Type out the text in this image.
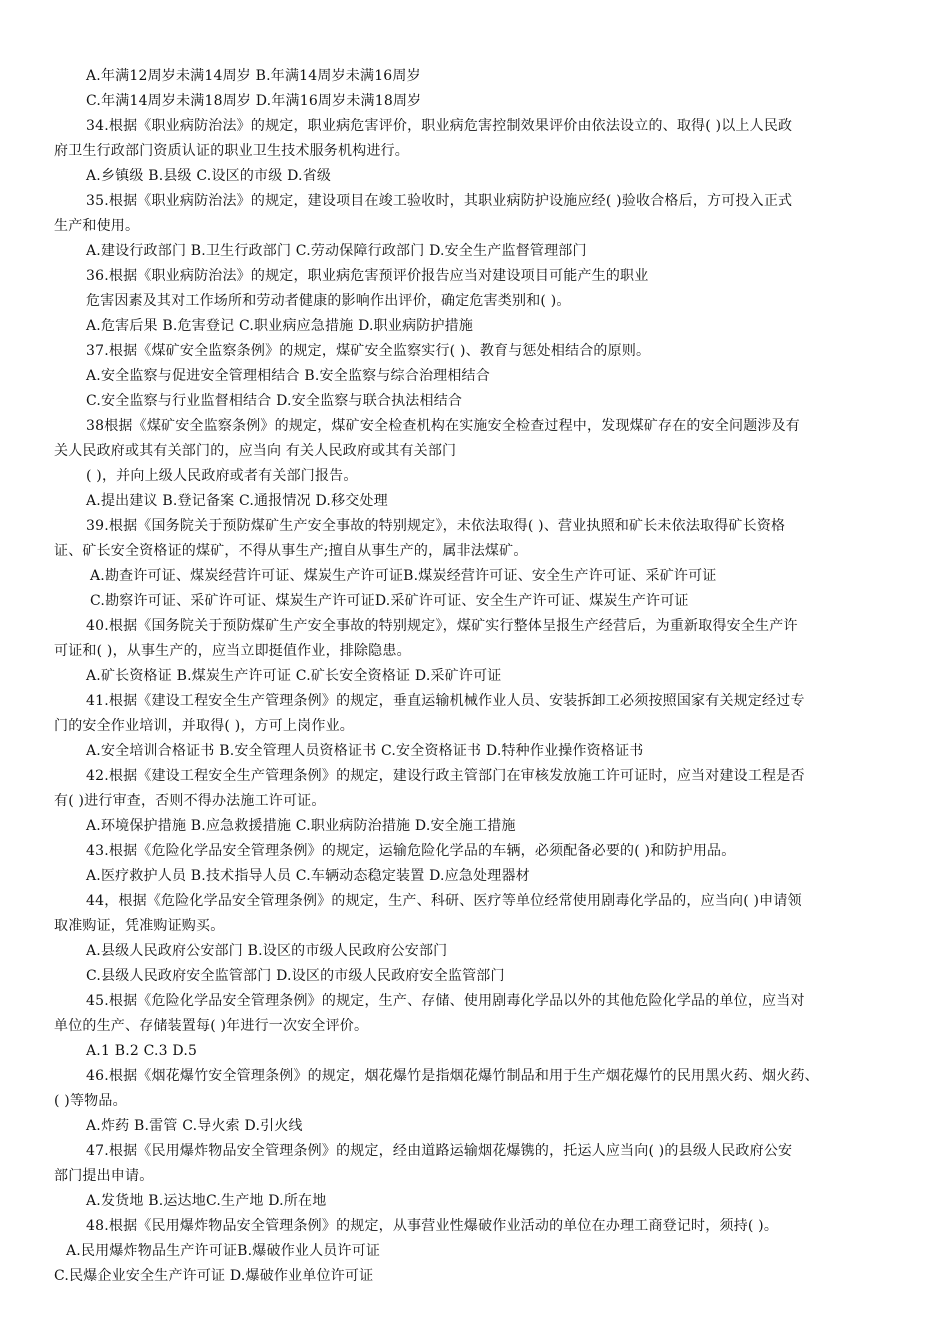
A.年满12周岁未满14周岁 B.年满14周岁未满16周岁
C.年满14周岁未满18周岁 D.年满16周岁未满18周岁
34.根据《职业病防治法》的规定，职业病危害评价，职业病危害控制效果评价由依法设立的、取得( )以上人民政
府卫生行政部门资质认证的职业卫生技术服务机构进行。
A.乡镇级 B.县级 C.设区的市级 D.省级
35.根据《职业病防治法》的规定，建设项目在竣工验收时，其职业病防护设施应经( )验收合格后，方可投入正式
生产和使用。
A.建设行政部门 B.卫生行政部门 C.劳动保障行政部门 D.安全生产监督管理部门
36.根据《职业病防治法》的规定，职业病危害预评价报告应当对建设项目可能产生的职业
危害因素及其对工作场所和劳动者健康的影响作出评价，确定危害类别和( )。
A.危害后果 B.危害登记 C.职业病应急措施 D.职业病防护措施
37.根据《煤矿安全监察条例》的规定，煤矿安全监察实行( )、教育与惩处相结合的原则。
A.安全监察与促进安全管理相结合 B.安全监察与综合治理相结合
C.安全监察与行业监督相结合 D.安全监察与联合执法相结合
38根据《煤矿安全监察条例》的规定，煤矿安全检查机构在实施安全检查过程中，发现煤矿存在的安全问题涉及有
关人民政府或其有关部门的，应当向 有关人民政府或其有关部门
( )，并向上级人民政府或者有关部门报告。
A.提出建议 B.登记备案 C.通报情况 D.移交处理
39.根据《国务院关于预防煤矿生产安全事故的特别规定》，未依法取得( )、营业执照和矿长未依法取得矿长资格
证、矿长安全资格证的煤矿，不得从事生产;擅自从事生产的，属非法煤矿。
A.勘查许可证、煤炭经营许可证、煤炭生产许可证B.煤炭经营许可证、安全生产许可证、采矿许可证
C.勘察许可证、采矿许可证、煤炭生产许可证D.采矿许可证、安全生产许可证、煤炭生产许可证
40.根据《国务院关于预防煤矿生产安全事故的特别规定》，煤矿实行整体呈报生产经营后，为重新取得安全生产许
可证和( )，从事生产的，应当立即挺值作业，排除隐患。
A.矿长资格证 B.煤炭生产许可证 C.矿长安全资格证 D.采矿许可证
41.根据《建设工程安全生产管理条例》的规定，垂直运输机械作业人员、安装拆卸工必须按照国家有关规定经过专
门的安全作业培训，并取得( )，方可上岗作业。
A.安全培训合格证书 B.安全管理人员资格证书 C.安全资格证书 D.特种作业操作资格证书
42.根据《建设工程安全生产管理条例》的规定，建设行政主管部门在审核发放施工许可证时，应当对建设工程是否
有( )进行审查，否则不得办法施工许可证。
A.环境保护措施 B.应急救援措施 C.职业病防治措施 D.安全施工措施
43.根据《危险化学品安全管理条例》的规定，运输危险化学品的车辆，必须配备必要的( )和防护用品。
A.医疗救护人员 B.技术指导人员 C.车辆动态稳定装置 D.应急处理器材
44，根据《危险化学品安全管理条例》的规定，生产、科研、医疗等单位经常使用剧毒化学品的，应当向( )申请领
取准购证，凭准购证购买。
A.县级人民政府公安部门 B.设区的市级人民政府公安部门
C.县级人民政府安全监管部门 D.设区的市级人民政府安全监管部门
45.根据《危险化学品安全管理条例》的规定，生产、存储、使用剧毒化学品以外的其他危险化学品的单位，应当对
单位的生产、存储装置每( )年进行一次安全评价。
A.1 B.2 C.3 D.5
46.根据《烟花爆竹安全管理条例》的规定，烟花爆竹是指烟花爆竹制品和用于生产烟花爆竹的民用黑火药、烟火药、
( )等物品。
A.炸药 B.雷管 C.导火索 D.引火线
47.根据《民用爆炸物品安全管理条例》的规定，经由道路运输烟花爆镌的，托运人应当向( )的县级人民政府公安
部门提出申请。
A.发货地 B.运达地C.生产地 D.所在地
48.根据《民用爆炸物品安全管理条例》的规定，从事营业性爆破作业活动的单位在办理工商登记时，须持( )。
A.民用爆炸物品生产许可证B.爆破作业人员许可证
C.民爆企业安全生产许可证 D.爆破作业单位许可证
